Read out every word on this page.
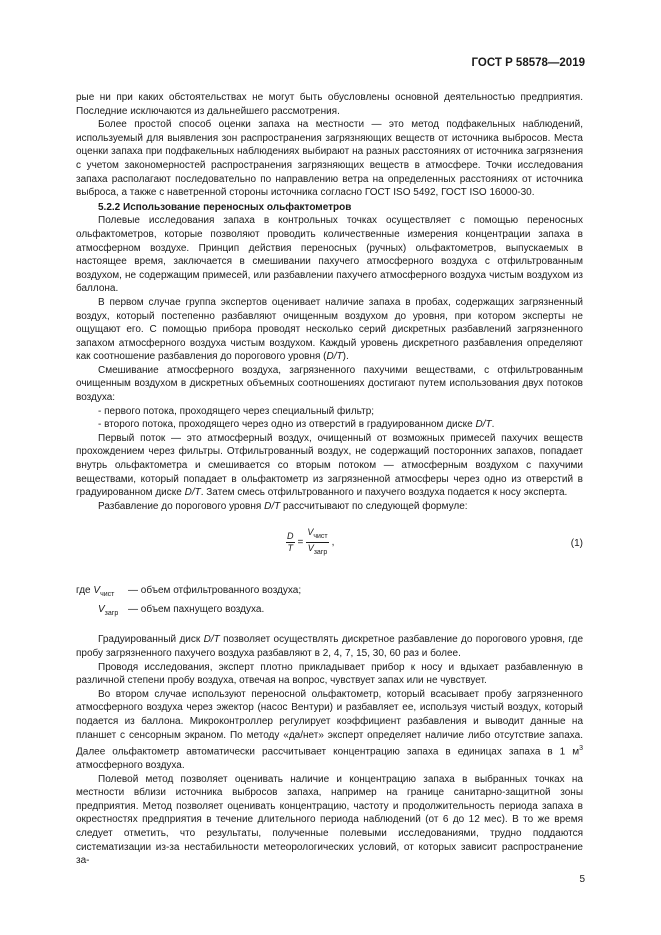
ГОСТ Р 58578—2019

рые ни при каких обстоятельствах не могут быть обусловлены основной деятельностью предприятия. Последние исключаются из дальнейшего рассмотрения.

Более простой способ оценки запаха на местности — это метод подфакельных наблюдений, используемый для выявления зон распространения загрязняющих веществ от источника выбросов. Места оценки запаха при подфакельных наблюдениях выбирают на разных расстояниях от источника загрязнения с учетом закономерностей распространения загрязняющих веществ в атмосфере. Точки исследования запаха располагают последовательно по направлению ветра на определенных расстояниях от источника выброса, а также с наветренной стороны источника согласно ГОСТ ISO 5492, ГОСТ ISO 16000-30.

5.2.2 Использование переносных ольфактометров

Полевые исследования запаха в контрольных точках осуществляет с помощью переносных ольфактометров, которые позволяют проводить количественные измерения концентрации запаха в атмосферном воздухе. Принцип действия переносных (ручных) ольфактометров, выпускаемых в настоящее время, заключается в смешивании пахучего атмосферного воздуха с отфильтрованным воздухом, не содержащим примесей, или разбавлении пахучего атмосферного воздуха чистым воздухом из баллона.

В первом случае группа экспертов оценивает наличие запаха в пробах, содержащих загрязненный воздух, который постепенно разбавляют очищенным воздухом до уровня, при котором эксперты не ощущают его. С помощью прибора проводят несколько серий дискретных разбавлений загрязненного запахом атмосферного воздуха чистым воздухом. Каждый уровень дискретного разбавления определяют как соотношение разбавления до порогового уровня (D/T).

Смешивание атмосферного воздуха, загрязненного пахучими веществами, с отфильтрованным очищенным воздухом в дискретных объемных соотношениях достигают путем использования двух потоков воздуха:

- первого потока, проходящего через специальный фильтр;

- второго потока, проходящего через одно из отверстий в градуированном диске D/T.

Первый поток — это атмосферный воздух, очищенный от возможных примесей пахучих веществ прохождением через фильтры. Отфильтрованный воздух, не содержащий посторонних запахов, попадает внутрь ольфактометра и смешивается со вторым потоком — атмосферным воздухом с пахучими веществами, который попадает в ольфактометр из загрязненной атмосферы через одно из отверстий в градуированном диске D/T. Затем смесь отфильтрованного и пахучего воздуха подается к носу эксперта.

Разбавление до порогового уровня D/T рассчитывают по следующей формуле:

$\frac{D}{T}$ =
$V_{чист}$
$V_{загр}$
,	(1)
где $V_{чист}$	— объем отфильтрованного воздуха;
$V_{загр}$ — объем пахнущего воздуха.

Градуированный диск D/T позволяет осуществлять дискретное разбавление до порогового уровня, где пробу загрязненного пахучего воздуха разбавляют в 2, 4, 7, 15, 30, 60 раз и более.

Проводя исследования, эксперт плотно прикладывает прибор к носу и вдыхает разбавленную в различной степени пробу воздуха, отвечая на вопрос, чувствует запах или не чувствует.

Во втором случае используют переносной ольфактометр, который всасывает пробу загрязненного атмосферного воздуха через эжектор (насос Вентури) и разбавляет ее, используя чистый воздух, который подается из баллона. Микроконтроллер регулирует коэффициент разбавления и выводит данные на планшет с сенсорным экраном. По методу «да/нет» эксперт определяет наличие либо отсутствие запаха. Далее ольфактометр автоматически рассчитывает концентрацию запаха в единицах запаха в 1 $м^3$ атмосферного воздуха.

Полевой метод позволяет оценивать наличие и концентрацию запаха в выбранных точках на местности вблизи источника выбросов запаха, например на границе санитарно-защитной зоны предприятия. Метод позволяет оценивать концентрацию, частоту и продолжительность периода запаха в окрестностях предприятия в течение длительного периода наблюдений (от 6 до 12 мес). В то же время следует отметить, что результаты, полученные полевыми исследованиями, трудно поддаются систематизации из-за нестабильности метеорологических условий, от которых зависит распространение за-

5
